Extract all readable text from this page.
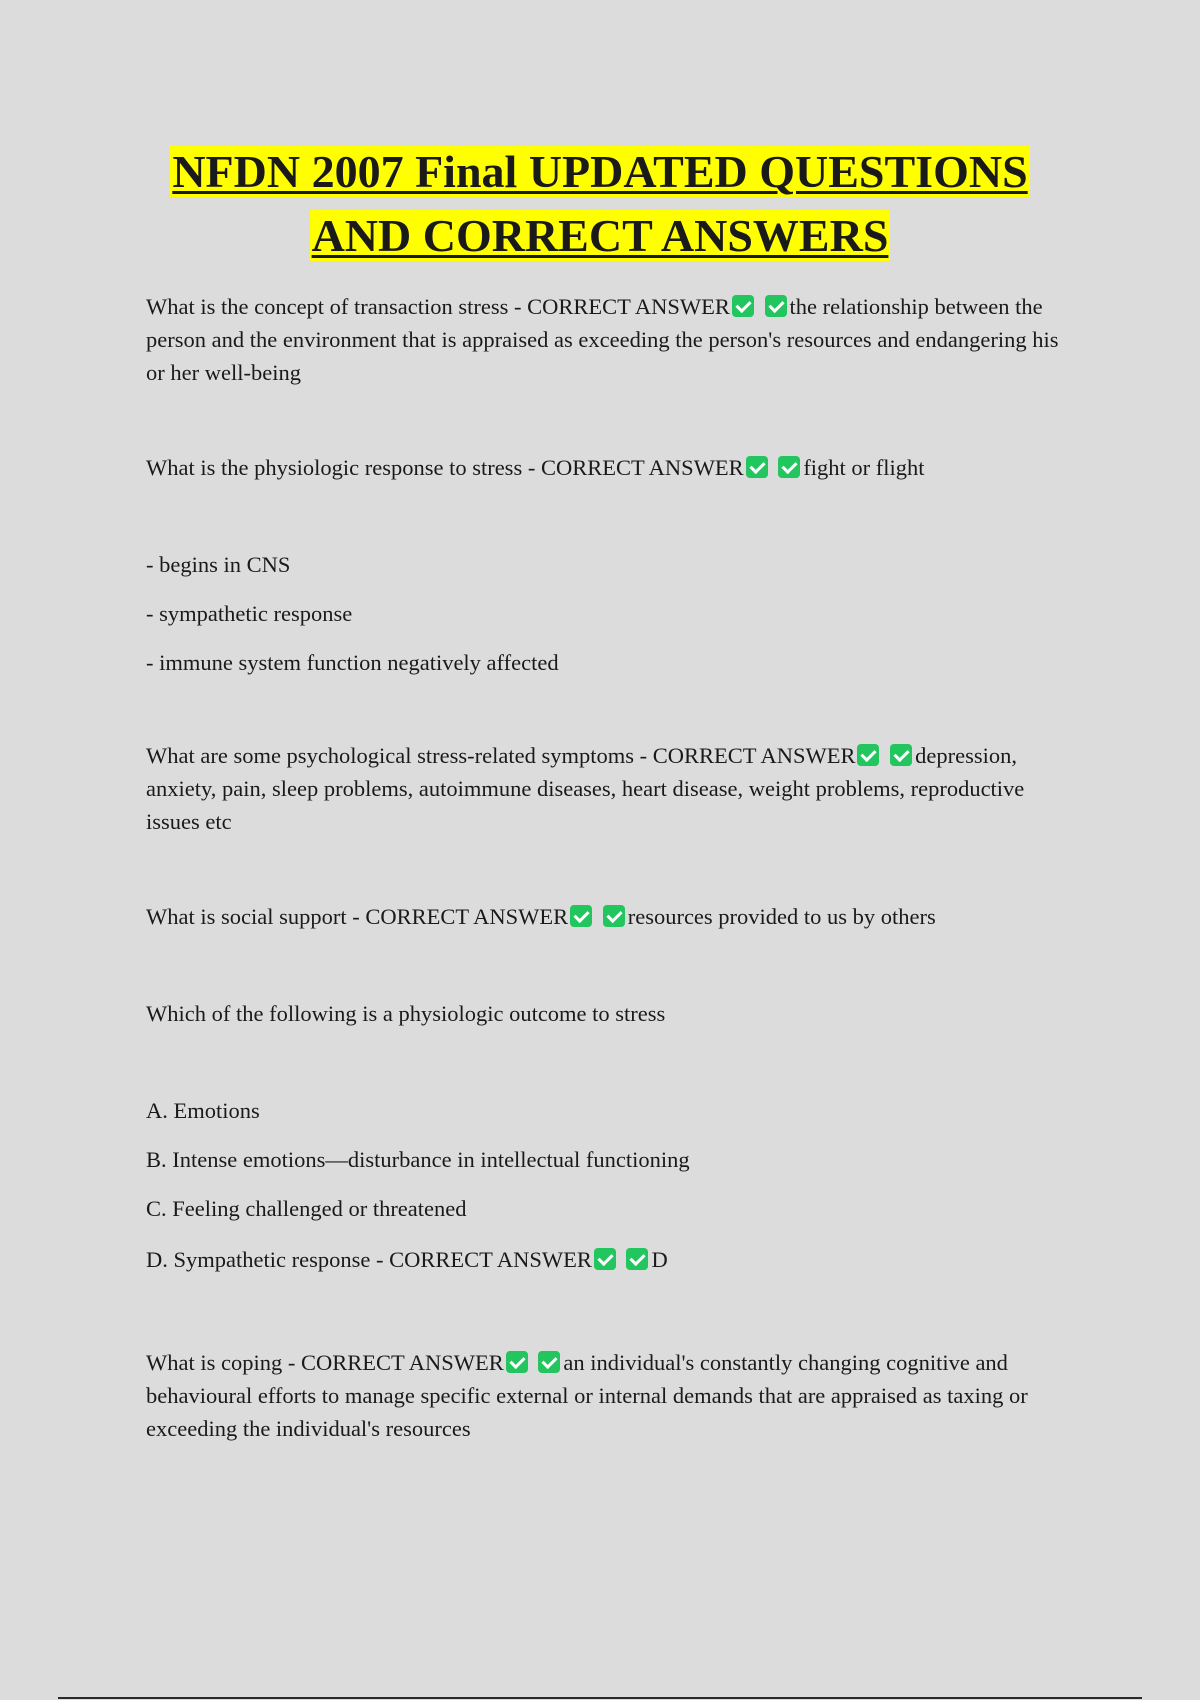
NFDN 2007 Final UPDATED QUESTIONS
AND CORRECT ANSWERS

What is the concept of transaction stress - CORRECT ANSWER	the relationship between the person and the environment that is appraised as exceeding the person's resources and endangering his or her well-being

What is the physiologic response to stress - CORRECT ANSWER	fight or flight

- begins in CNS

- sympathetic response

- immune system function negatively affected

What are some psychological stress-related symptoms - CORRECT ANSWER	depression, anxiety, pain, sleep problems, autoimmune diseases, heart disease, weight problems, reproductive issues etc

What is social support - CORRECT ANSWER	resources provided to us by others

Which of the following is a physiologic outcome to stress

A. Emotions

B. Intense emotions—disturbance in intellectual functioning

C. Feeling challenged or threatened

D. Sympathetic response - CORRECT ANSWER	D

What is coping - CORRECT ANSWER	an individual's constantly changing cognitive and behavioural efforts to manage specific external or internal demands that are appraised as taxing or exceeding the individual's resources
